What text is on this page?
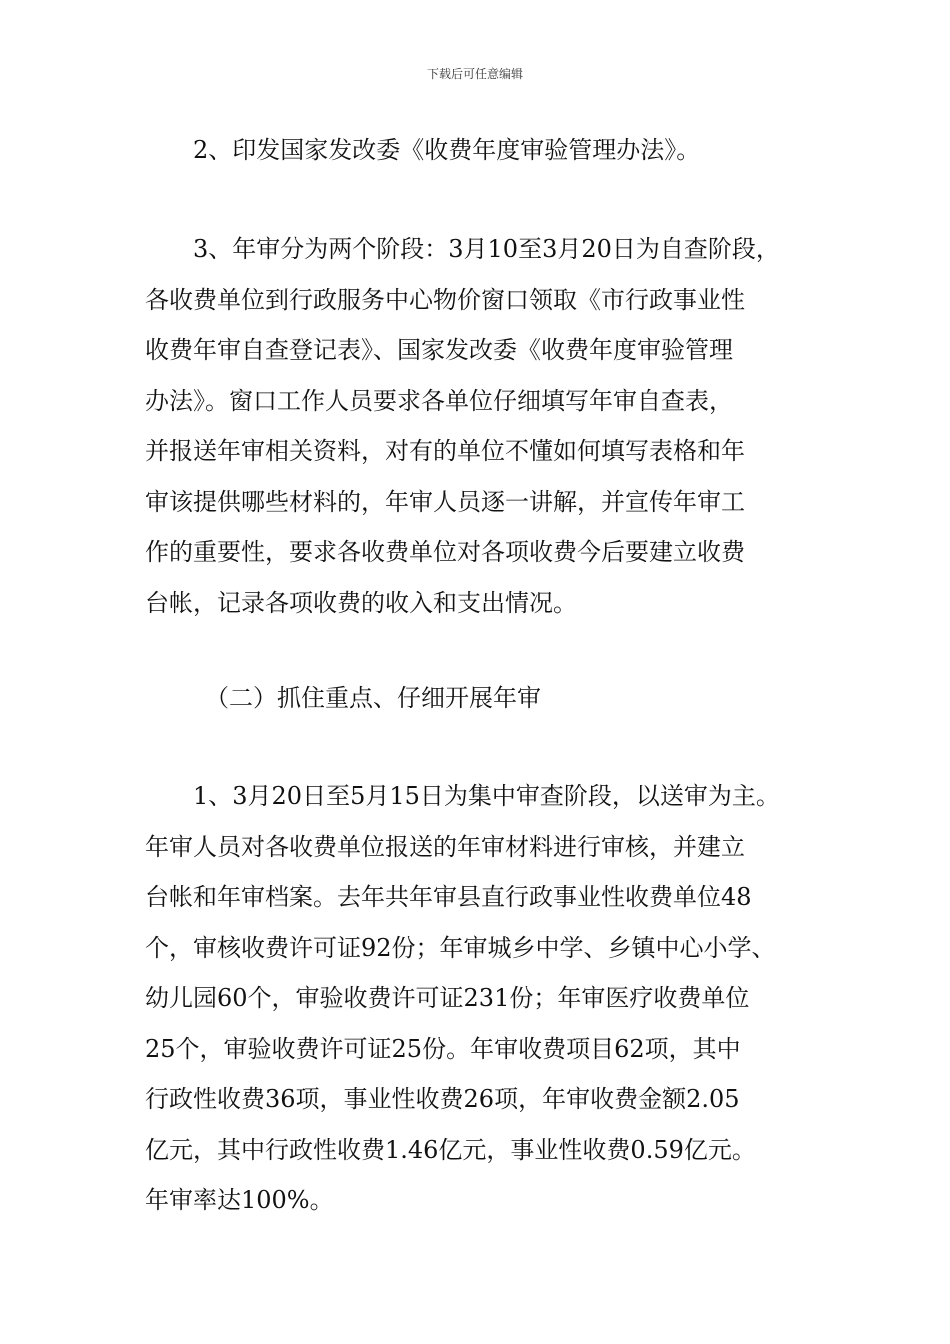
下载后可任意编辑

2、印发国家发改委《收费年度审验管理办法》。

3、年审分为两个阶段：3月10至3月20日为自查阶段，
各收费单位到行政服务中心物价窗口领取《市行政事业性
收费年审自查登记表》、国家发改委《收费年度审验管理
办法》。窗口工作人员要求各单位仔细填写年审自查表，
并报送年审相关资料，对有的单位不懂如何填写表格和年
审该提供哪些材料的，年审人员逐一讲解，并宣传年审工
作的重要性，要求各收费单位对各项收费今后要建立收费
台帐，记录各项收费的收入和支出情况。

（二）抓住重点、仔细开展年审

1、3月20日至5月15日为集中审查阶段，以送审为主。
年审人员对各收费单位报送的年审材料进行审核，并建立
台帐和年审档案。去年共年审县直行政事业性收费单位48
个，审核收费许可证92份；年审城乡中学、乡镇中心小学、
幼儿园60个，审验收费许可证231份；年审医疗收费单位
25个，审验收费许可证25份。年审收费项目62项，其中
行政性收费36项，事业性收费26项，年审收费金额2.05
亿元，其中行政性收费1.46亿元，事业性收费0.59亿元。
年审率达100%。
